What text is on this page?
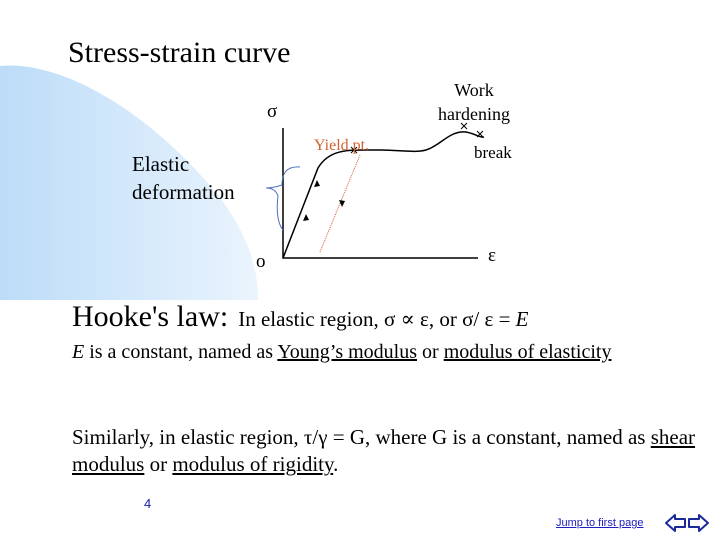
Stress-strain curve
σ
ε
o
Elastic
deformation
Yield pt.
Work
hardening
break
Hooke's law: In elastic region, σ ∝ ε, or σ/ ε = E
E is a constant, named as Young’s modulus or modulus of elasticity
Similarly, in elastic region, τ/γ = G, where G is a constant, named as shear modulus or modulus of rigidity.
4
Jump to first page
